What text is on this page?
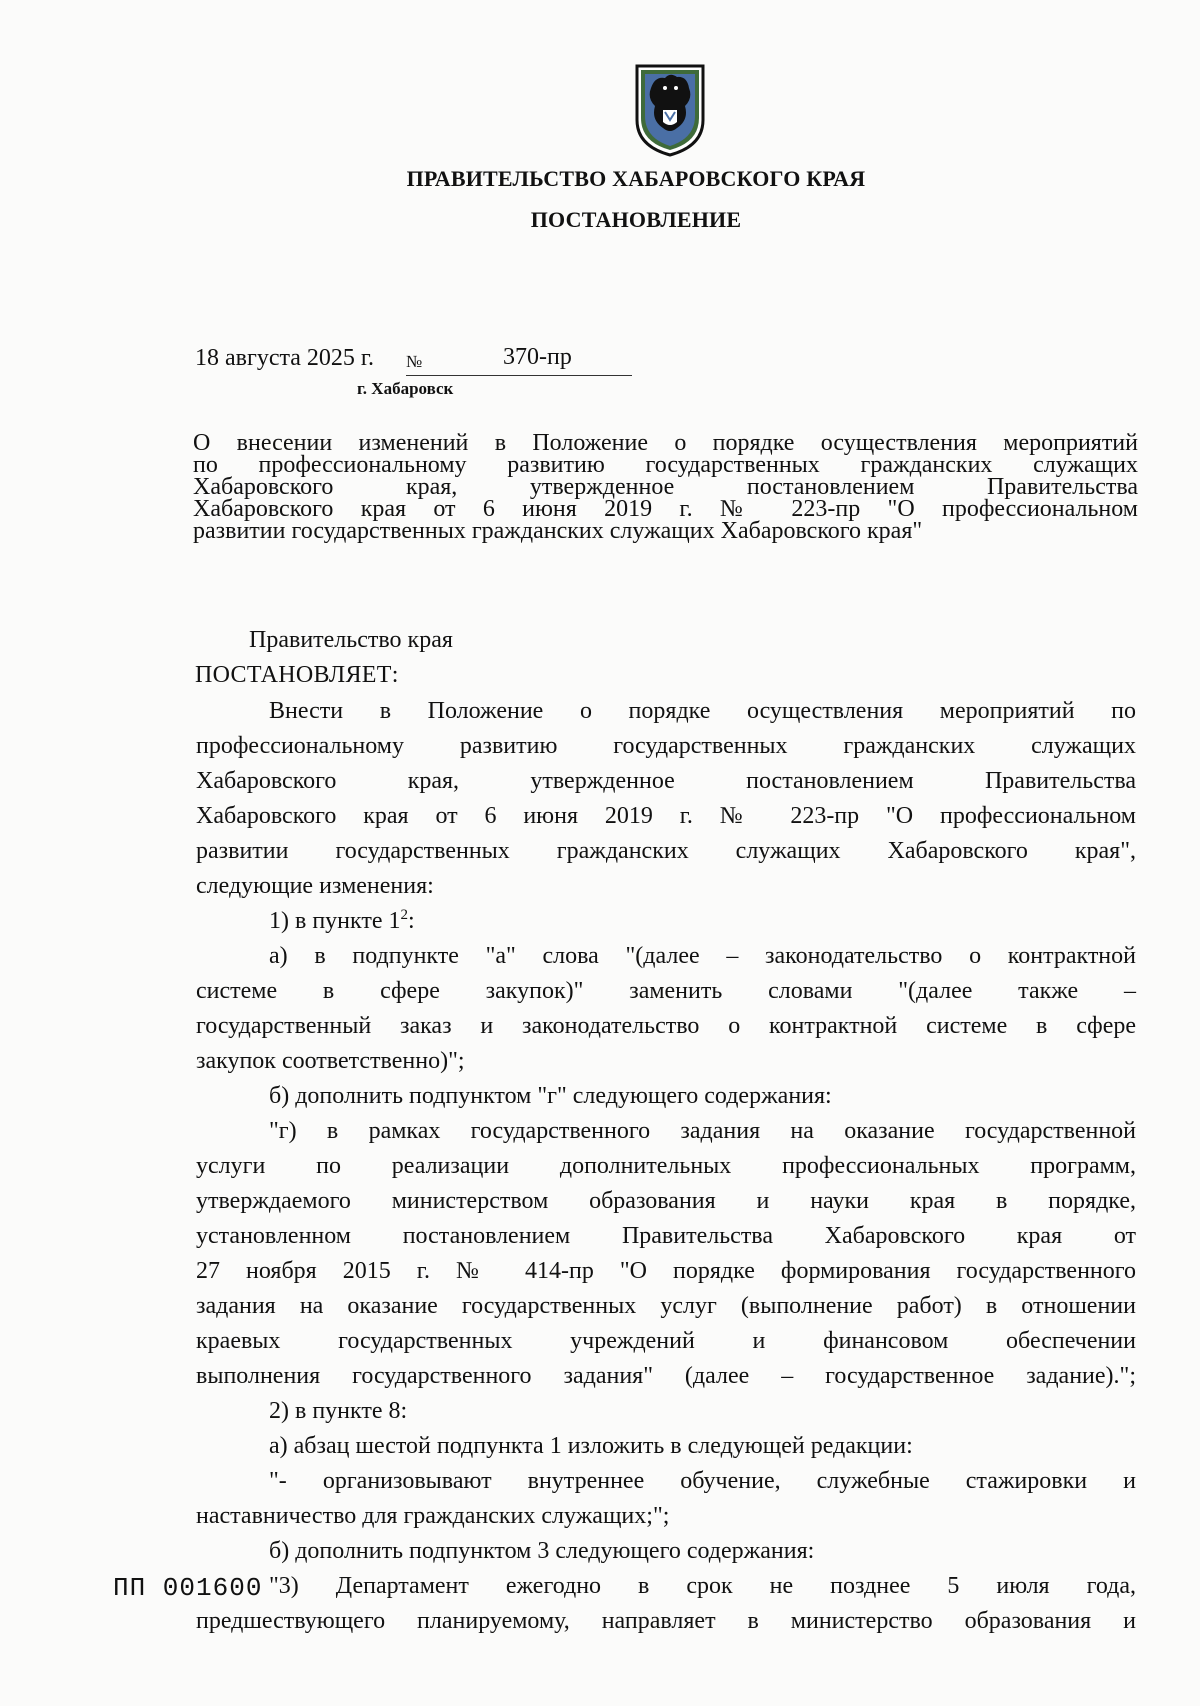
ПРАВИТЕЛЬСТВО ХАБАРОВСКОГО КРАЯ
ПОСТАНОВЛЕНИЕ
18 августа 2025 г. №	370-пр
г. Хабаровск
О внесении изменений в Положение о порядке осуществления мероприятий
по профессиональному развитию государственных гражданских служащих
Хабаровского края, утвержденное постановлением Правительства
Хабаровского края от 6 июня 2019 г. № 223-пр "О профессиональном
развитии государственных гражданских служащих Хабаровского края"
Правительство края
ПОСТАНОВЛЯЕТ:
Внести в Положение о порядке осуществления мероприятий по
профессиональному развитию государственных гражданских служащих
Хабаровского края, утвержденное постановлением Правительства
Хабаровского края от 6 июня 2019 г. № 223-пр "О профессиональном
развитии государственных гражданских служащих Хабаровского края",
следующие изменения:
1) в пункте $1^2$:
а) в подпункте "а" слова "(далее – законодательство о контрактной
системе в сфере закупок)" заменить словами "(далее также –
государственный заказ и законодательство о контрактной системе в сфере
закупок соответственно)";
б) дополнить подпунктом "г" следующего содержания:
"г) в рамках государственного задания на оказание государственной
услуги по реализации дополнительных профессиональных программ,
утверждаемого министерством образования и науки края в порядке,
установленном постановлением Правительства Хабаровского края от
27 ноября 2015 г. № 414-пр "О порядке формирования государственного
задания на оказание государственных услуг (выполнение работ) в отношении
краевых государственных учреждений и финансовом обеспечении
выполнения государственного задания" (далее – государственное задание).";
2) в пункте 8:
а) абзац шестой подпункта 1 изложить в следующей редакции:
"- организовывают внутреннее обучение, служебные стажировки и
наставничество для гражданских служащих;";
б) дополнить подпунктом 3 следующего содержания:
"3) Департамент ежегодно в срок не позднее 5 июля года,
предшествующего планируемому, направляет в министерство образования и
ПП 001600
